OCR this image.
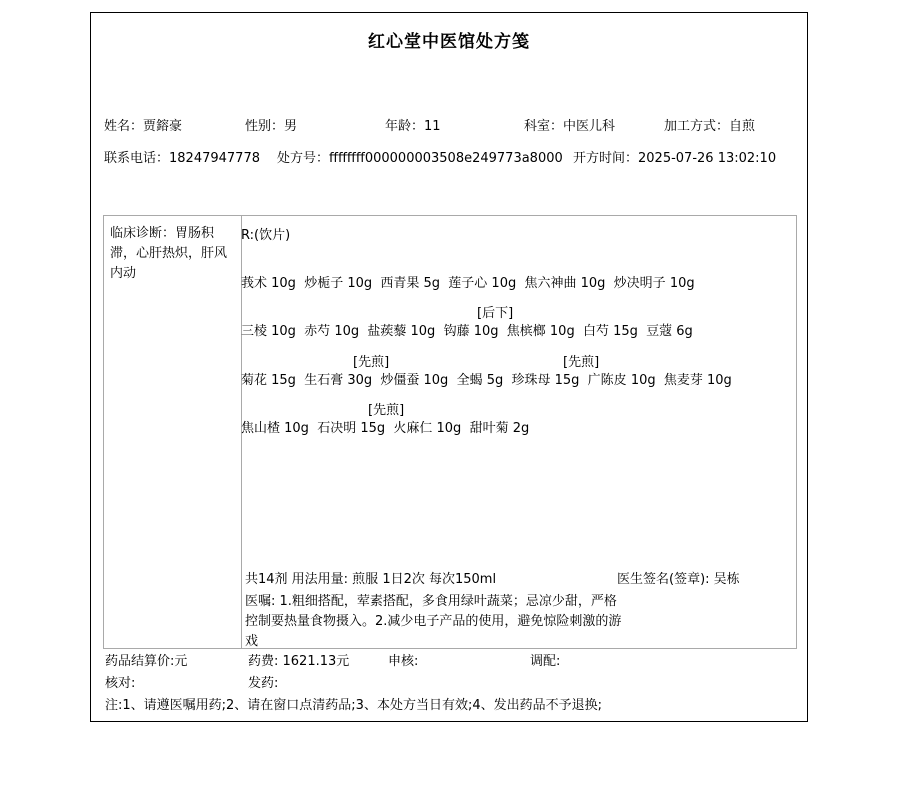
红心堂中医馆处方笺
姓名：贾鎔豪	性别：男	年龄：11	科室：中医儿科	加工方式：自煎
联系电话：18247947778 处方号：ffffffff000000003508e249773a8000 开方时间：2025-07-26 13:02:10
临床诊断：胃肠积滞，心肝热炽，肝风内动
R:(饮片)
莪术 10g  炒栀子 10g  西青果 5g  莲子心 10g  焦六神曲 10g  炒决明子 10g
[后下]
三棱 10g  赤芍 10g  盐蒺藜 10g  钩藤 10g  焦槟榔 10g  白芍 15g  豆蔻 6g
[先煎]	[先煎]
菊花 15g  生石膏 30g  炒僵蚕 10g  全蝎 5g  珍珠母 15g  广陈皮 10g  焦麦芽 10g
[先煎]
焦山楂 10g  石决明 15g  火麻仁 10g  甜叶菊 2g
共14剂 用法用量: 煎服 1日2次 每次150ml	医生签名(签章): 吴栋
医嘱: 1.粗细搭配，荤素搭配，多食用绿叶蔬菜；忌凉少甜，严格控制要热量食物摄入。2.减少电子产品的使用，避免惊险刺激的游戏
药品结算价:元	药费: 1621.13元	申核:	调配:
核对:	发药:
注:1、请遵医嘱用药;2、请在窗口点清药品;3、本处方当日有效;4、发出药品不予退换;
